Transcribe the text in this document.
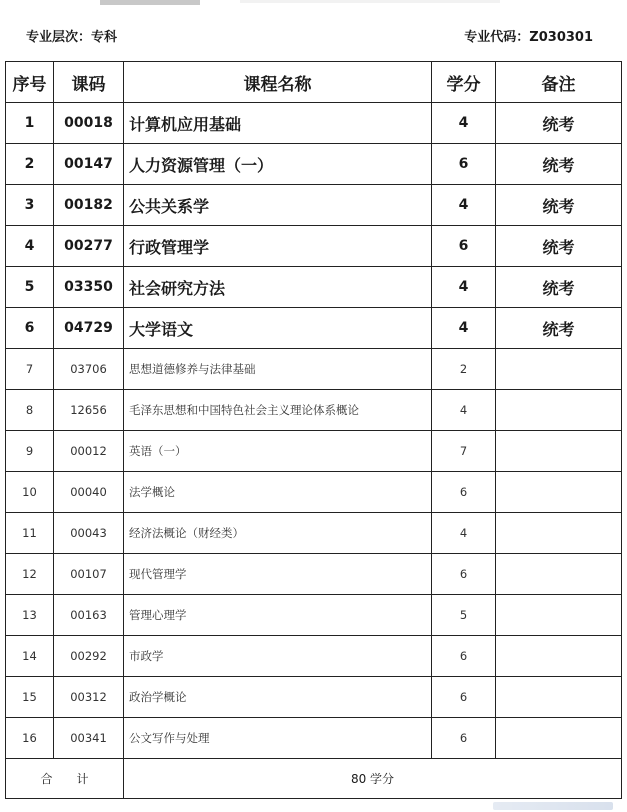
专业层次：专科	专业代码：Z030301
序号	课码	课程名称	学分	备注
1	00018	计算机应用基础	4	统考
2	00147	人力资源管理（一）	6	统考
3	00182	公共关系学	4	统考
4	00277	行政管理学	6	统考
5	03350	社会研究方法	4	统考
6	04729	大学语文	4	统考
7	03706	思想道德修养与法律基础	2	
8	12656	毛泽东思想和中国特色社会主义理论体系概论	4	
9	00012	英语（一）	7	
10	00040	法学概论	6	
11	00043	经济法概论（财经类）	4	
12	00107	现代管理学	6	
13	00163	管理心理学	5	
14	00292	市政学	6	
15	00312	政治学概论	6	
16	00341	公文写作与处理	6	
合　　计		80 学分		
